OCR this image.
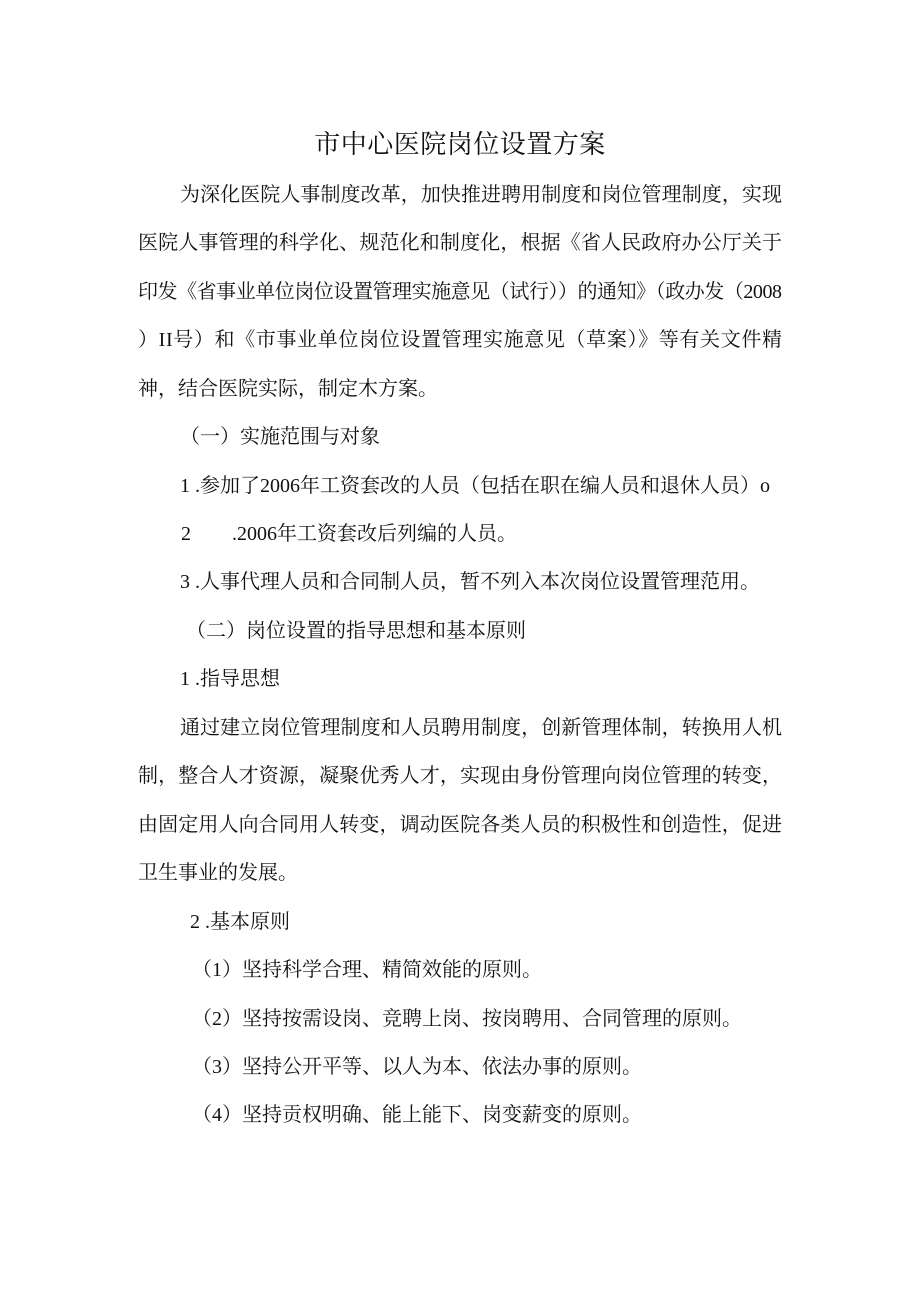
市中心医院岗位设置方案
为深化医院人事制度改革，加快推进聘用制度和岗位管理制度，实现
医院人事管理的科学化、规范化和制度化，根据《省人民政府办公厅关于
印发《省事业单位岗位设置管理实施意见（试行））的通知》（政办发（2008
）II号）和《市事业单位岗位设置管理实施意见（草案）》等有关文件精
神，结合医院实际，制定木方案。
（一）实施范围与对象
1 .参加了2006年工资套改的人员（包括在职在编人员和退休人员）o
2 .2006年工资套改后列编的人员。
3 .人事代理人员和合同制人员，暂不列入本次岗位设置管理范用。
（二）岗位设置的指导思想和基本原则
1 .指导思想
通过建立岗位管理制度和人员聘用制度，创新管理体制，转换用人机
制，整合人才资源，凝聚优秀人才，实现由身份管理向岗位管理的转变，
由固定用人向合同用人转变，调动医院各类人员的积极性和创造性，促进
卫生事业的发展。
2 .基本原则
（1）坚持科学合理、精简效能的原则。
（2）坚持按需设岗、竞聘上岗、按岗聘用、合同管理的原则。
（3）坚持公开平等、以人为本、依法办事的原则。
（4）坚持贡权明确、能上能下、岗变薪变的原则。
